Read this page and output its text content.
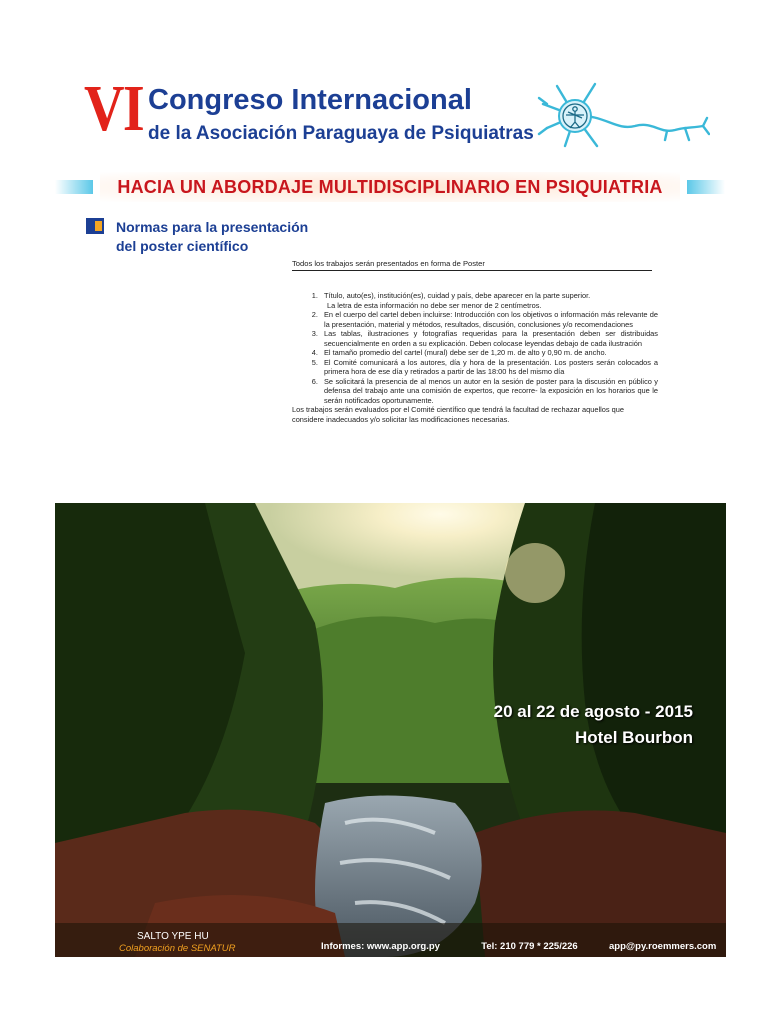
VI Congreso Internacional
de la Asociación Paraguaya de Psiquiatras
HACIA UN ABORDAJE MULTIDISCIPLINARIO EN PSIQUIATRIA
Normas para la presentación
del poster científico
Todos los trabajos serán presentados en forma de Poster
1. Título, auto(es), institución(es), cuidad y país, debe aparecer en la parte superior.
La letra de esta información no debe ser menor de 2 centímetros.
2. En el cuerpo del cartel deben incluirse: Introducción con los objetivos o información más relevante de la presentación, material y métodos, resultados, discusión, conclusiones y/o recomendaciones
3. Las tablas, ilustraciones y fotografías requeridas para la presentación deben ser distribuidas secuencialmente en orden a su explicación. Deben colocase leyendas debajo de cada ilustración
4. El tamaño promedio del cartel (mural) debe ser de 1,20 m. de alto y 0,90 m. de ancho.
5. El Comité comunicará a los autores, día y hora de la presentación. Los posters serán colocados a primera hora de ese día y retirados a partir de las 18:00 hs del mismo día
6. Se solicitará la presencia de al menos un autor en la sesión de poster para la discusión en público y defensa del trabajo ante una comisión de expertos, que recorre- la exposición en los horarios que le serán notificados oportunamente.

Los trabajos serán evaluados por el Comité científico que tendrá la facultad de rechazar aquellos que considere inadecuados y/o solicitar las modificaciones necesarias.

20 al 22 de agosto - 2015
Hotel Bourbon
SALTO YPE HU
Colaboración de SENATUR	Informes: www.app.org.py	Tel: 210 779 * 225/226	app@py.roemmers.com
